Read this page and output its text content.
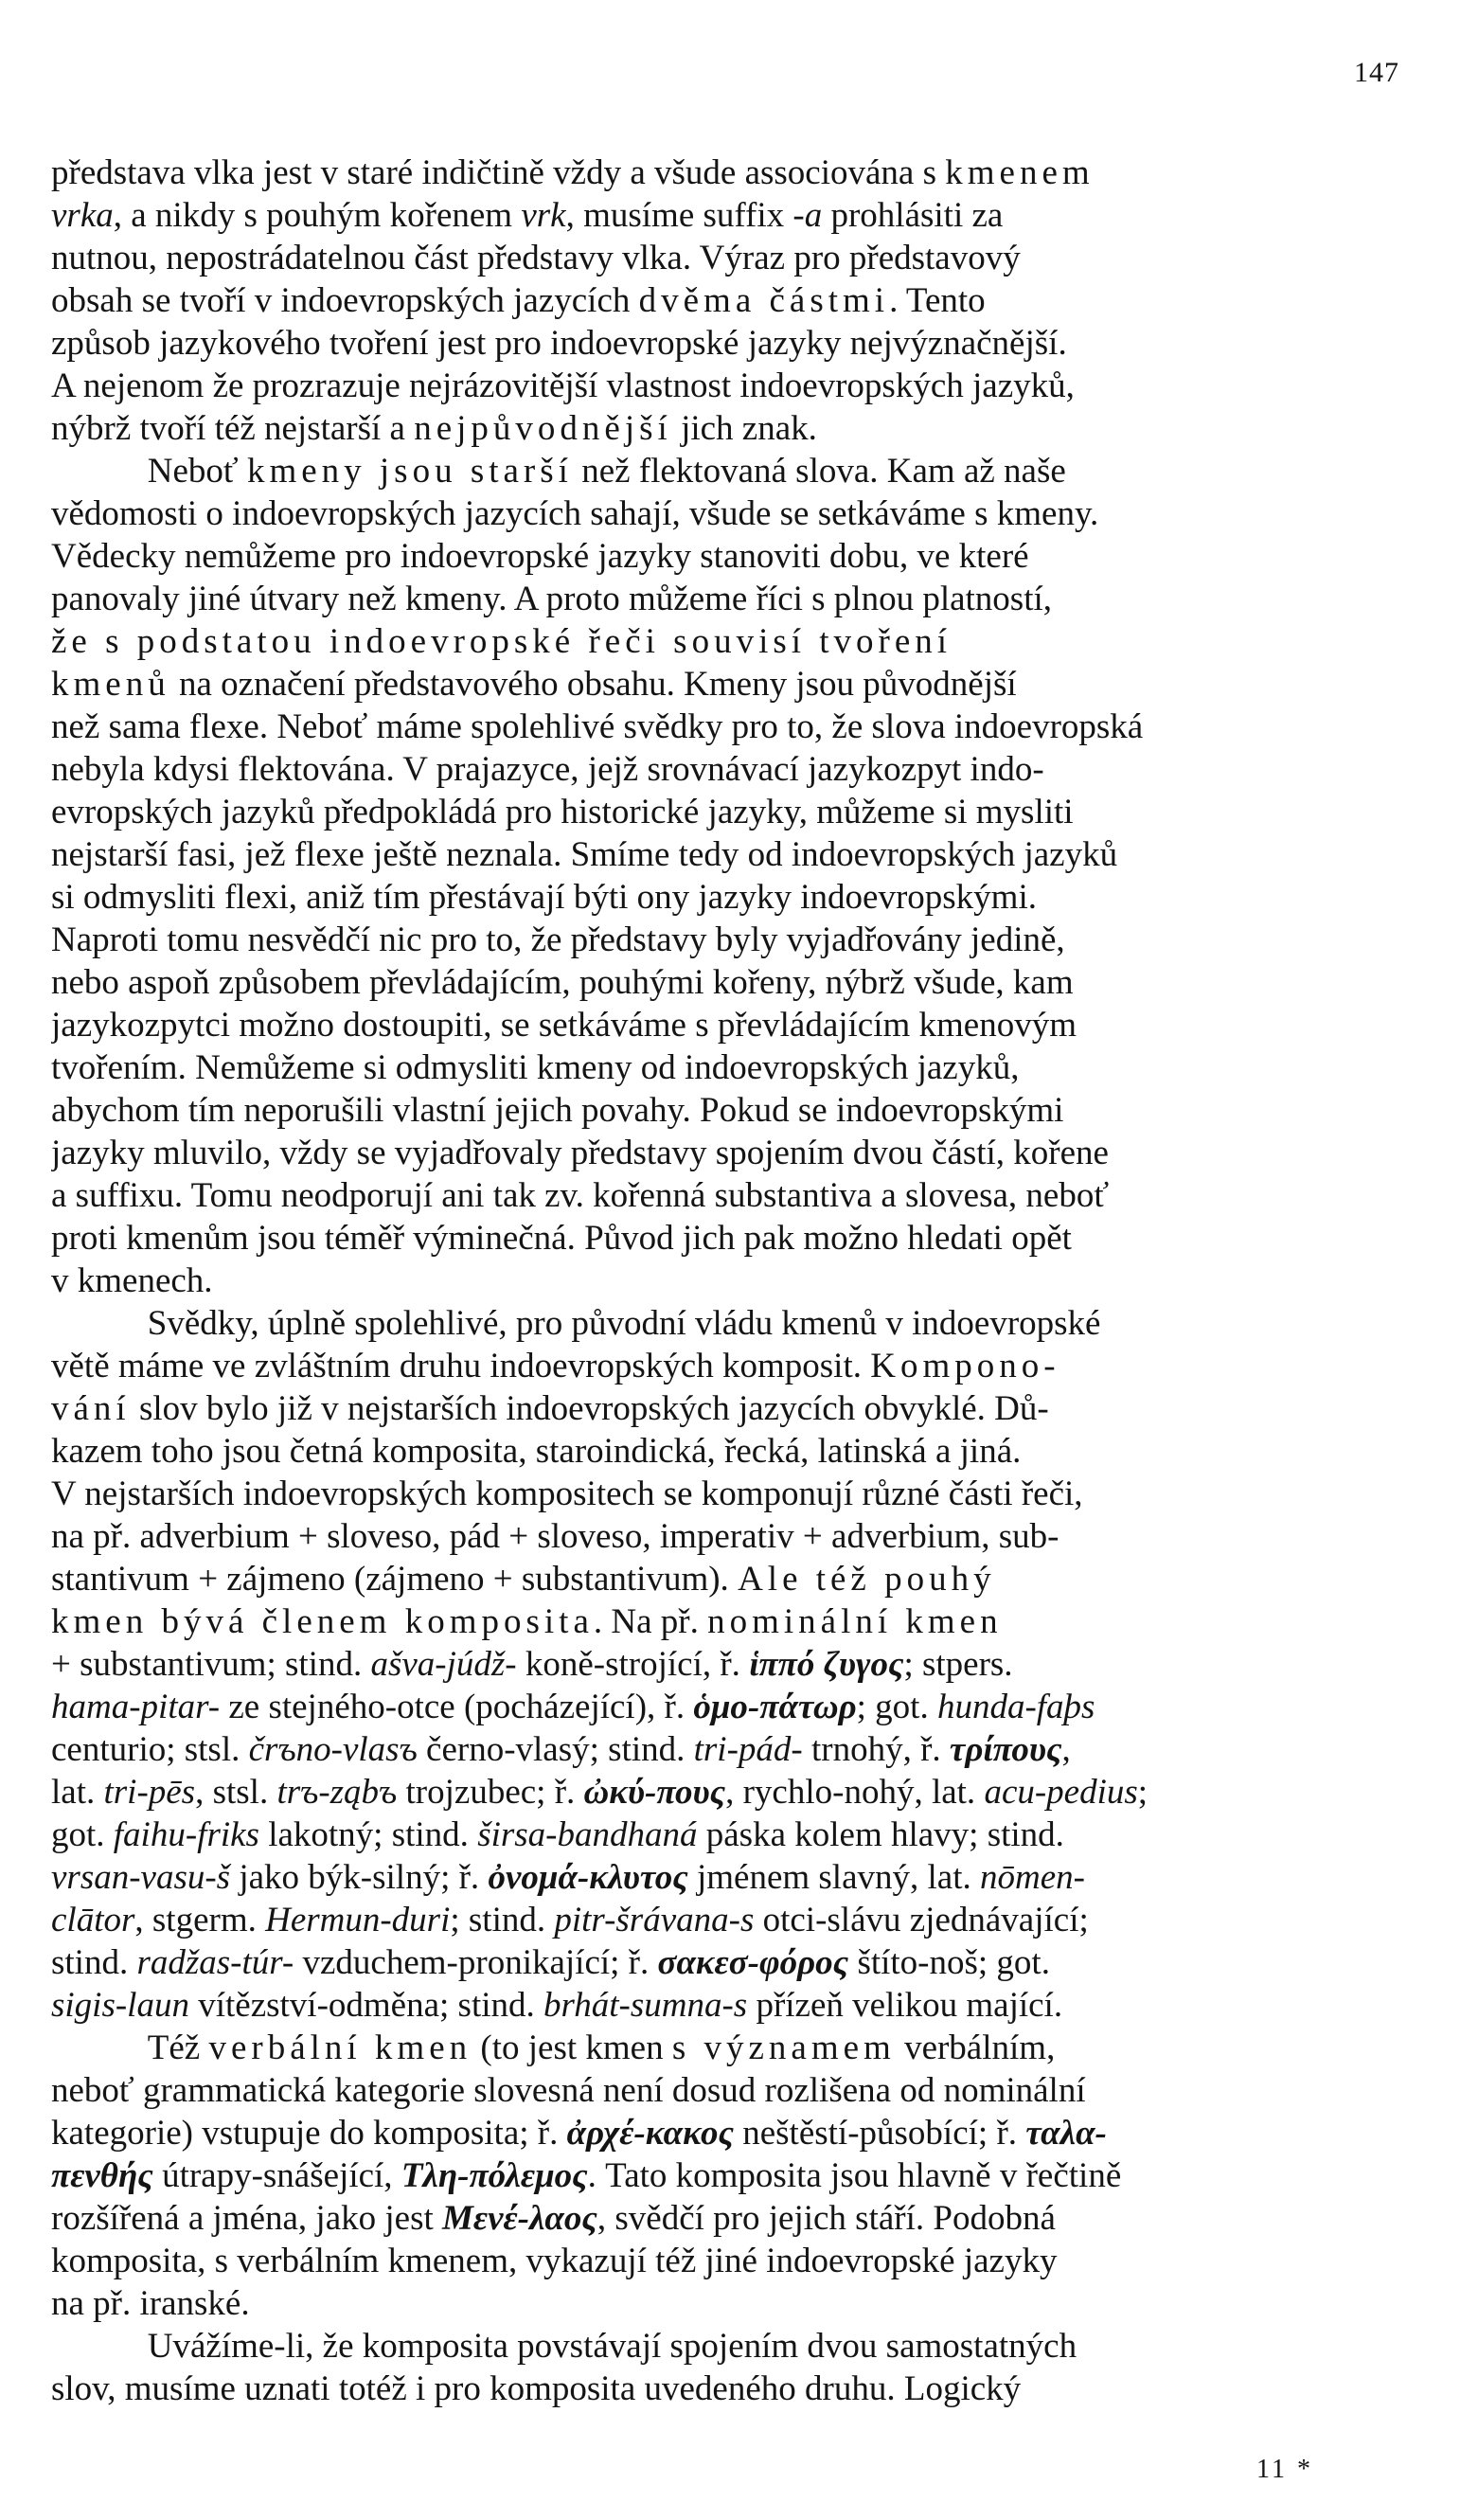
147
představa vlka jest v staré indičtině vždy a všude associována s kmenem
vrka, a nikdy s pouhým kořenem vrk, musíme suffix -a prohlásiti za
nutnou, nepostrádatelnou část představy vlka. Výraz pro představový
obsah se tvoří v indoevropských jazycích dvěma částmi. Tento
způsob jazykového tvoření jest pro indoevropské jazyky nejvýznačnější.
A nejenom že prozrazuje nejrázovitější vlastnost indoevropských jazyků,
nýbrž tvoří též nejstarší a nejpůvodnější jich znak.
Neboť kmeny jsou starší než flektovaná slova. Kam až naše
vědomosti o indoevropských jazycích sahají, všude se setkáváme s kmeny.
Vědecky nemůžeme pro indoevropské jazyky stanoviti dobu, ve které
panovaly jiné útvary než kmeny. A proto můžeme říci s plnou platností,
že s podstatou indoevropské řeči souvisí tvoření
kmenů na označení představového obsahu. Kmeny jsou původnější
než sama flexe. Neboť máme spolehlivé svědky pro to, že slova indoevropská
nebyla kdysi flektována. V prajazyce, jejž srovnávací jazykozpyt indo-
evropských jazyků předpokládá pro historické jazyky, můžeme si mysliti
nejstarší fasi, jež flexe ještě neznala. Smíme tedy od indoevropských jazyků
si odmysliti flexi, aniž tím přestávají býti ony jazyky indoevropskými.
Naproti tomu nesvědčí nic pro to, že představy byly vyjadřovány jedině,
nebo aspoň způsobem převládajícím, pouhými kořeny, nýbrž všude, kam
jazykozpytci možno dostoupiti, se setkáváme s převládajícím kmenovým
tvořením. Nemůžeme si odmysliti kmeny od indoevropských jazyků,
abychom tím neporušili vlastní jejich povahy. Pokud se indoevropskými
jazyky mluvilo, vždy se vyjadřovaly představy spojením dvou částí, kořene
a suffixu. Tomu neodporují ani tak zv. kořenná substantiva a slovesa, neboť
proti kmenům jsou téměř výminečná. Původ jich pak možno hledati opět
v kmenech.
Svědky, úplně spolehlivé, pro původní vládu kmenů v indoevropské
větě máme ve zvláštním druhu indoevropských komposit. Kompono-
vání slov bylo již v nejstarších indoevropských jazycích obvyklé. Dů-
kazem toho jsou četná komposita, staroindická, řecká, latinská a jiná.
V nejstarších indoevropských kompositech se komponují různé části řeči,
na př. adverbium + sloveso, pád + sloveso, imperativ + adverbium, sub-
stantivum + zájmeno (zájmeno + substantivum). Ale též pouhý
kmen bývá členem komposita. Na př. nominální kmen
+ substantivum; stind. ašva-júdž- koně-strojící, ř. ἱππό ζυγος; stpers.
hama-pitar- ze stejného-otce (pocházející), ř. ὁμο-πάτωρ; got. hunda-faþs
centurio; stsl. črъno-vlasъ černo-vlasý; stind. tri-pád- trnohý, ř. τρίπους,
lat. tri-pēs, stsl. trъ-ząbъ trojzubec; ř. ὠκύ-πους, rychlo-nohý, lat. acu-pedius;
got. faihu-friks lakotný; stind. širsa-bandhaná páska kolem hlavy; stind.
vrsan-vasu-š jako býk-silný; ř. ὀνομά-κλυτος jménem slavný, lat. nōmen-
clātor, stgerm. Hermun-duri; stind. pitr-šrávana-s otci-slávu zjednávající;
stind. radžas-túr- vzduchem-pronikající; ř. σακεσ-φόρος štíto-noš; got.
sigis-laun vítězství-odměna; stind. brhát-sumna-s přízeň velikou mající.
Též verbální kmen (to jest kmen s významem verbálním,
neboť grammatická kategorie slovesná není dosud rozlišena od nominální
kategorie) vstupuje do komposita; ř. ἀρχέ-κακος neštěstí-působící; ř. ταλα-
πενθής útrapy-snášející, Τλη-πόλεμος. Tato komposita jsou hlavně v řečtině
rozšířená a jména, jako jest Μενέ-λαος, svědčí pro jejich stáří. Podobná
komposita, s verbálním kmenem, vykazují též jiné indoevropské jazyky
na př. iranské.
Uvážíme-li, že komposita povstávají spojením dvou samostatných
slov, musíme uznati totéž i pro komposita uvedeného druhu. Logický
11 *
